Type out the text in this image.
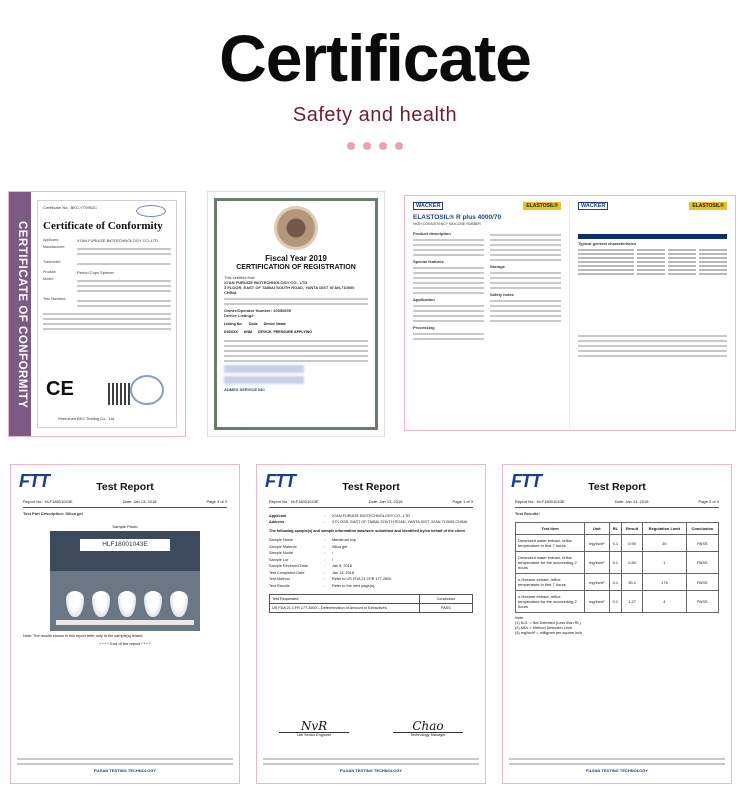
Certificate
Safety and health
CERTIFICATE OF CONFORMITY
Certificate No.: BKC-YT0902C
Certificate of Conformity
Applicant:	XI'AN FURUIZE BIOTECHNOLOGY CO.,LTD.
Manufacturer:
Trademark:
Product:	Period Cups Spinner
Model:
Test Standard:
CE
Shenzhen BKC Testing Co., Ltd.
Fiscal Year 2019
CERTIFICATION OF REGISTRATION
This certifies that:
XI'AN FURUIZE BIOTECHNOLOGY CO., LTD
3 FLOOR, EAST OF TAIBAI SOUTH ROAD, YANTA DIST XI'AN,710000 CHINA
Owner/Operator Number: 10050895
Device Listing#:
Listing No. Code Device Name
D30XXX KNM DEVICE, PRESSURE APPLYING
ADMEX SERVICE INC
WACKER	ELASTOSIL®
ELASTOSIL® R plus 4000/70
HIGH CONSISTENCY SILICONE RUBBER
Product description
Special features
Application
Processing
Storage
Safety notes
WACKER	ELASTOSIL®
Typical general characteristics
FTT	Test Report
Report No.: HLF18001043E	Date: Jan 13, 2018	Page 3 of 3
Test Part Description: Silica gel
Sample Photo
HLF18001043E
Note: The results shown in this report refer only to the sample(s) tested.
* * * * End of the report * * * *
FUJIAN TESTING TECHNOLOGY
FTT	Test Report
Report No.: HLF18001043E	Date: Jan 13, 2018	Page 1 of 3
Applicant	:	XI'AN FURUIZE BIOTECHNOLOGY CO., LTD
Address	:	3 FLOOR, EAST OF TAIBAI SOUTH ROAD, YANTA DIST. XI'AN 710000 CHINA
The following sample(s) and sample information was/were submitted and identified by/on behalf of the client
Sample Name	:	Menstrual cup
Sample Material	:	Silica gel
Sample Model	:	/
Sample Lot	:	/
Sample Received Date	:	Jan 5, 2018
Test Completed Date	:	Jan 13, 2018
Test Method	:	Refer to US FDA 21 CFR 177.2600
Test Results	:	Refer to the next page(s).
Test Requested	Conclusion
US FDA 21 CFR 177.2600 – Determination of Amount of Extractives	PASS
NvR
Lab Senior Engineer
Chao
Technology Manager
FUJIAN TESTING TECHNOLOGY
FTT	Test Report
Report No.: HLF18001043E	Date: Jan 13, 2018	Page 2 of 3
Test Results:
Test Item	Unit	RL	Result	Regulation Limit	Conclusion
Deionized water extract, reflux temperature in first 7 hours	mg/inch²	0.1	0.90	20	PASS
Deionized water extract, reflux temperature for the succeeding 2 hours	mg/inch²	0.1	0.80	1	PASS
n-Hexane extract, reflux temperature in first 7 hours	mg/inch²	0.1	30.1	175	PASS
n-Hexane extract, reflux temperature for the succeeding 2 hours	mg/inch²	0.1	1.27	4	PASS
Note:
(1) N.D. = Not Detected (Less than RL)
(2) MDL = Method Detection Limit
(3) mg/inch² = milligram per square inch
FUJIAN TESTING TECHNOLOGY
